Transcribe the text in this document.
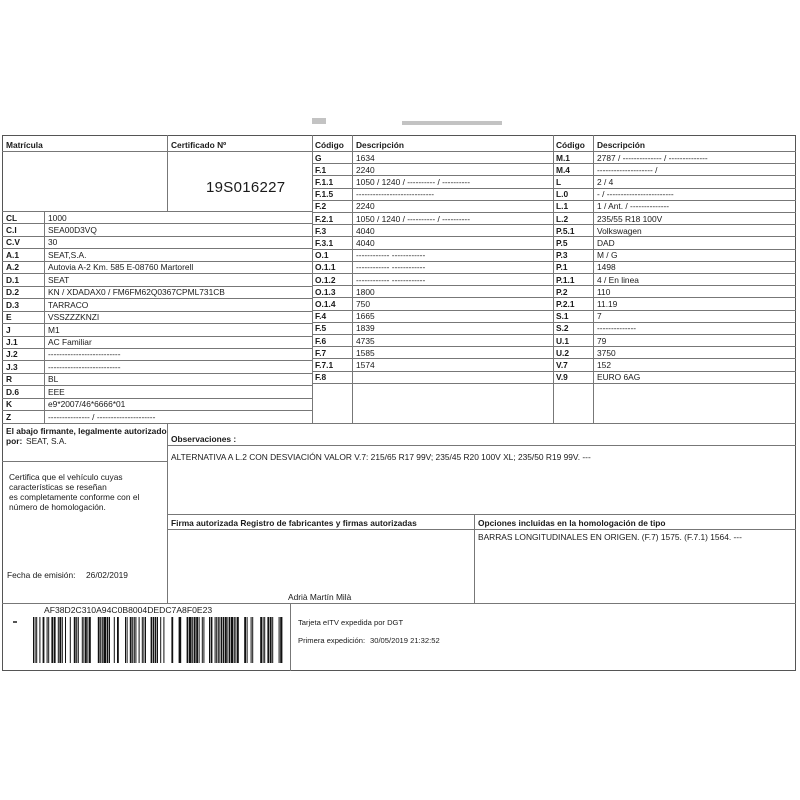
Matrícula	Certificado Nº
19S016227
Código Descripción	Código Descripción
CL	1000
C.I	SEA00D3VQ
C.V	30
A.1	SEAT,S.A.
A.2	Autovia A-2 Km. 585 E-08760 Martorell
D.1	SEAT
D.2	KN / XDADAX0 / FM6FM62Q0367CPML731CB
D.3	TARRACO
E	VSSZZZKNZI
J	M1
J.1	AC Familiar
J.2	--------------------------
J.3	--------------------------
R	BL
D.6	EEE
K	e9*2007/46*6666*01
Z	--------------- / ---------------------
G	1634
F.1	2240
F.1.1	1050 / 1240 / ---------- / ----------
F.1.5	----------------------------
F.2	2240
F.2.1	1050 / 1240 / ---------- / ----------
F.3	4040
F.3.1	4040
O.1	------------ ------------
O.1.1 ------------ ------------
O.1.2 ------------ ------------
O.1.3 1800
O.1.4 750
F.4	1665
F.5	1839
F.6	4735
F.7	1585
F.7.1	1574
F.8
M.1	2787 / -------------- / --------------
M.4	-------------------- /
L	2 / 4
L.0	- / ------------------------
L.1	1 / Ant. / --------------
L.2	235/55 R18 100V
P.5.1	Volkswagen
P.5	DAD
P.3	M / G
P.1	1498
P.1.1	4 / En linea
P.2	110
P.2.1	11.19
S.1	7
S.2	--------------
U.1	79
U.2	3750
V.7	152
V.9	EURO 6AG
El abajo firmante, legalmente autorizado
por: SEAT, S.A.	Observaciones :
ALTERNATIVA A L.2 CON DESVIACIÓN VALOR V.7: 215/65 R17 99V; 235/45 R20 100V XL; 235/50 R19 99V. ---
Certifica que el vehículo cuyas
características se reseñan
es completamente conforme con el
número de homologación.
Firma autorizada Registro de fabricantes y firmas autorizadas	Opciones incluidas en la homologación de tipo
BARRAS LONGITUDINALES EN ORIGEN. (F.7) 1575. (F.7.1) 1564. ---
Fecha de emisión: 26/02/2019
Adrià Martín Milà
AF38D2C310A94C0B8004DEDC7A8F0E23
Tarjeta eITV expedida por DGT
Primera expedición: 30/05/2019 21:32:52
